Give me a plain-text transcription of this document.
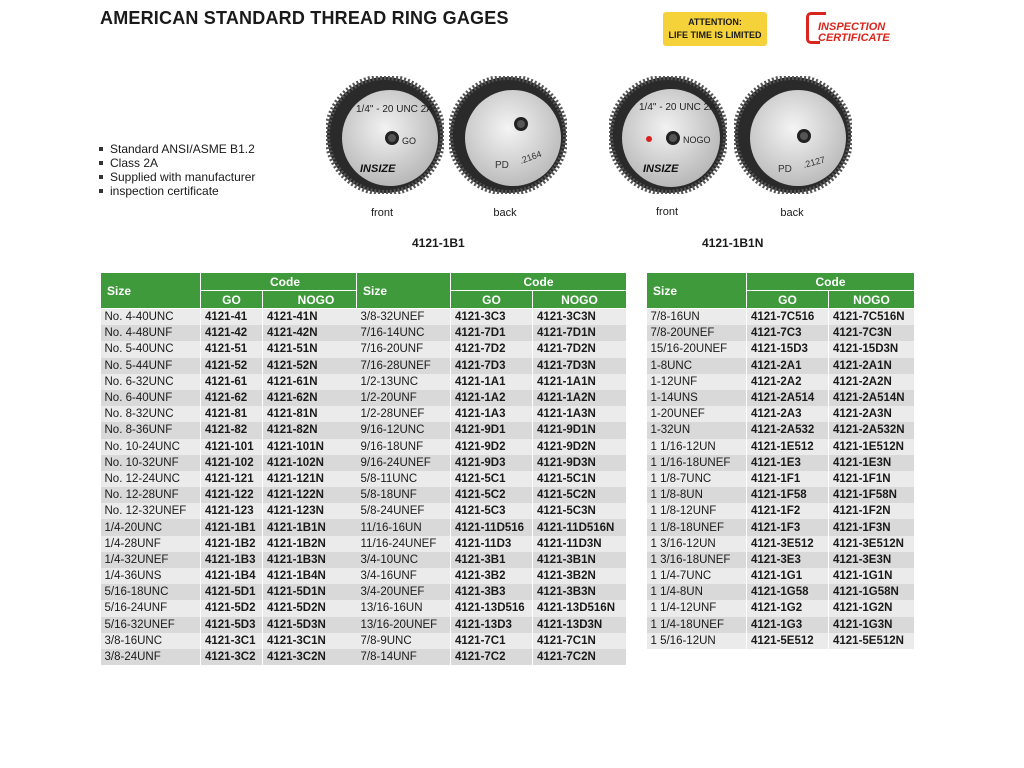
AMERICAN STANDARD THREAD RING GAGES	ATTENTION:
LIFE TIME IS LIMITED
INSPECTION
CERTIFICATE
Standard ANSI/ASME B1.2
Class 2A
Supplied with manufacturer
inspection certificate
1/4" - 20 UNC 2A
GO
INSIZE	PD .2164
front	back
4121-1B1
1/4" - 20 UNC 2A
NOGO
INSIZE	PD .2127
front	back
4121-1B1N
Size	Code	
	GO	NOGO
No. 4-40UNC	4121-41	4121-41N
No. 4-48UNF	4121-42	4121-42N
No. 5-40UNC	4121-51	4121-51N
No. 5-44UNF	4121-52	4121-52N
No. 6-32UNC	4121-61	4121-61N
No. 6-40UNF	4121-62	4121-62N
No. 8-32UNC	4121-81	4121-81N
No. 8-36UNF	4121-82	4121-82N
No. 10-24UNC	4121-101	4121-101N
No. 10-32UNF	4121-102	4121-102N
No. 12-24UNC	4121-121	4121-121N
No. 12-28UNF	4121-122	4121-122N
No. 12-32UNEF	4121-123	4121-123N
1/4-20UNC	4121-1B1	4121-1B1N
1/4-28UNF	4121-1B2	4121-1B2N
1/4-32UNEF	4121-1B3	4121-1B3N
1/4-36UNS	4121-1B4	4121-1B4N
5/16-18UNC	4121-5D1	4121-5D1N
5/16-24UNF	4121-5D2	4121-5D2N
5/16-32UNEF	4121-5D3	4121-5D3N
3/8-16UNC	4121-3C1	4121-3C1N
3/8-24UNF	4121-3C2	4121-3C2N
Size	Code	
	GO	NOGO
3/8-32UNEF	4121-3C3	4121-3C3N
7/16-14UNC	4121-7D1	4121-7D1N
7/16-20UNF	4121-7D2	4121-7D2N
7/16-28UNEF	4121-7D3	4121-7D3N
1/2-13UNC	4121-1A1	4121-1A1N
1/2-20UNF	4121-1A2	4121-1A2N
1/2-28UNEF	4121-1A3	4121-1A3N
9/16-12UNC	4121-9D1	4121-9D1N
9/16-18UNF	4121-9D2	4121-9D2N
9/16-24UNEF	4121-9D3	4121-9D3N
5/8-11UNC	4121-5C1	4121-5C1N
5/8-18UNF	4121-5C2	4121-5C2N
5/8-24UNEF	4121-5C3	4121-5C3N
11/16-16UN	4121-11D516	4121-11D516N
11/16-24UNEF	4121-11D3	4121-11D3N
3/4-10UNC	4121-3B1	4121-3B1N
3/4-16UNF	4121-3B2	4121-3B2N
3/4-20UNEF	4121-3B3	4121-3B3N
13/16-16UN	4121-13D516	4121-13D516N
13/16-20UNEF	4121-13D3	4121-13D3N
7/8-9UNC	4121-7C1	4121-7C1N
7/8-14UNF	4121-7C2	4121-7C2N
Size	Code	
	GO	NOGO
7/8-16UN	4121-7C516	4121-7C516N
7/8-20UNEF	4121-7C3	4121-7C3N
15/16-20UNEF	4121-15D3	4121-15D3N
1-8UNC	4121-2A1	4121-2A1N
1-12UNF	4121-2A2	4121-2A2N
1-14UNS	4121-2A514	4121-2A514N
1-20UNEF	4121-2A3	4121-2A3N
1-32UN	4121-2A532	4121-2A532N
1 1/16-12UN	4121-1E512	4121-1E512N
1 1/16-18UNEF	4121-1E3	4121-1E3N
1 1/8-7UNC	4121-1F1	4121-1F1N
1 1/8-8UN	4121-1F58	4121-1F58N
1 1/8-12UNF	4121-1F2	4121-1F2N
1 1/8-18UNEF	4121-1F3	4121-1F3N
1 3/16-12UN	4121-3E512	4121-3E512N
1 3/16-18UNEF	4121-3E3	4121-3E3N
1 1/4-7UNC	4121-1G1	4121-1G1N
1 1/4-8UN	4121-1G58	4121-1G58N
1 1/4-12UNF	4121-1G2	4121-1G2N
1 1/4-18UNEF	4121-1G3	4121-1G3N
1 5/16-12UN	4121-5E512	4121-5E512N
